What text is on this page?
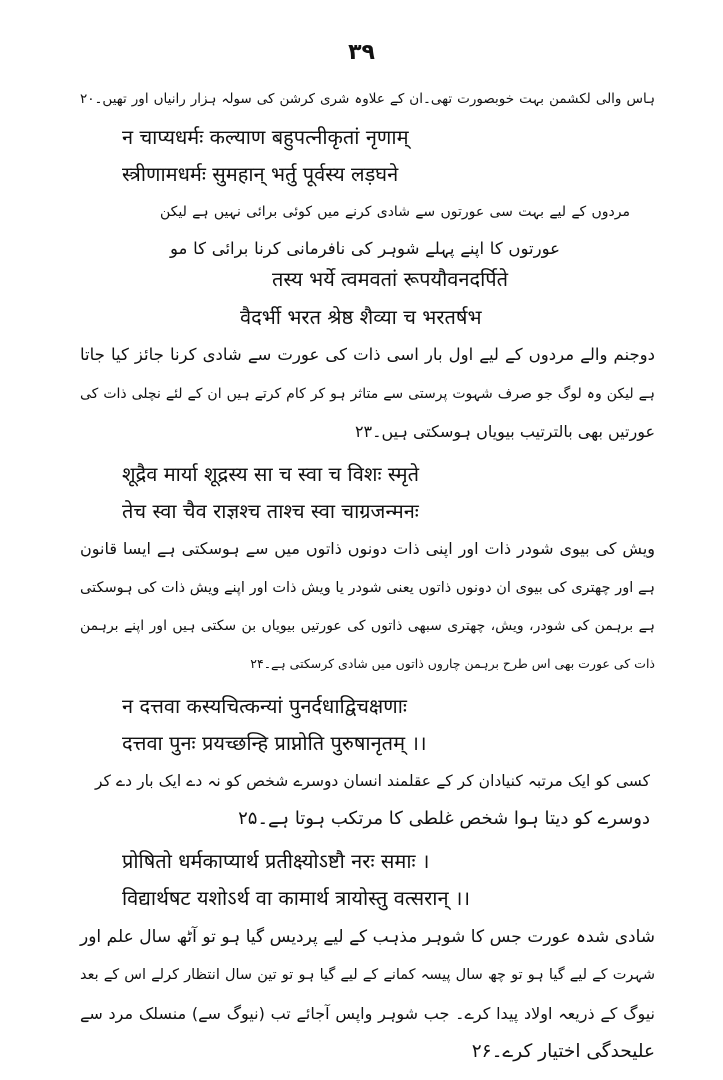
۳۹
ہاس والی لکشمن بہت خوبصورت تھی۔ان کے علاوہ شری کرشن کی سولہ ہزار رانیاں اور تھیں۔۲۰
न चाप्यधर्मः कल्याण बहुपत्नीकृतां नृणाम्
स्त्रीणामधर्मः सुमहान् भर्तु पूर्वस्य लड़घने
مردوں کے لیے بہت سی عورتوں سے شادی کرنے میں کوئی برائی نہیں ہے لیکن
عورتوں کا اپنے پہلے شوہر کی نافرمانی کرنا برائی کا مو
तस्य भर्ये त्वमवतां रूपयौवनदर्पिते
वैदर्भी भरत श्रेष्ठ शैव्या च भरतर्षभ
دوجنم والے مردوں کے لیے اول بار اسی ذات کی عورت سے شادی کرنا جائز کیا جاتا
ہے لیکن وہ لوگ جو صرف شہوت پرستی سے متاثر ہو کر کام کرتے ہیں ان کے لئے نچلی ذات کی
عورتیں بھی بالترتیب بیویاں ہوسکتی ہیں۔۲۳
शूद्रैव मार्या शूद्रस्य सा च स्वा च विशः स्मृते
तेच स्वा चैव राज्ञश्च ताश्च स्वा चाग्रजन्मनः
ویش کی بیوی شودر ذات اور اپنی ذات دونوں ذاتوں میں سے ہوسکتی ہے ایسا قانون
ہے اور چھتری کی بیوی ان دونوں ذاتوں یعنی شودر یا ویش ذات اور اپنے ویش ذات کی ہوسکتی
ہے برہمن کی شودر، ویش، چھتری سبھی ذاتوں کی عورتیں بیویاں بن سکتی ہیں اور اپنے برہمن
ذات کی عورت بھی اس طرح برہمن چاروں ذاتوں میں شادی کرسکتی ہے۔۲۴
न दत्तवा कस्यचित्कन्यां पुनर्दधाद्विचक्षणाः
दत्तवा पुनः प्रयच्छन्हि प्राप्नोति पुरुषानृतम् ।।
کسی کو ایک مرتبہ کنیادان کر کے عقلمند انسان دوسرے شخص کو نہ دے ایک بار دے کر
دوسرے کو دیتا ہوا شخص غلطی کا مرتکب ہوتا ہے۔۲۵
प्रोषितो धर्मकाप्यार्थ प्रतीक्ष्योऽष्टौ नरः समाः ।
विद्यार्थषट यशोऽर्थ वा कामार्थ त्रायोस्तु वत्सरान् ।।
شادی شدہ عورت جس کا شوہر مذہب کے لیے پردیس گیا ہو تو آٹھ سال علم اور
شہرت کے لیے گیا ہو تو چھ سال پیسہ کمانے کے لیے گیا ہو تو تین سال انتظار کرلے اس کے بعد
نیوگ کے ذریعہ اولاد پیدا کرے۔ جب شوہر واپس آجائے تب (نیوگ سے) منسلک مرد سے
علیحدگی اختیار کرے۔۲۶
